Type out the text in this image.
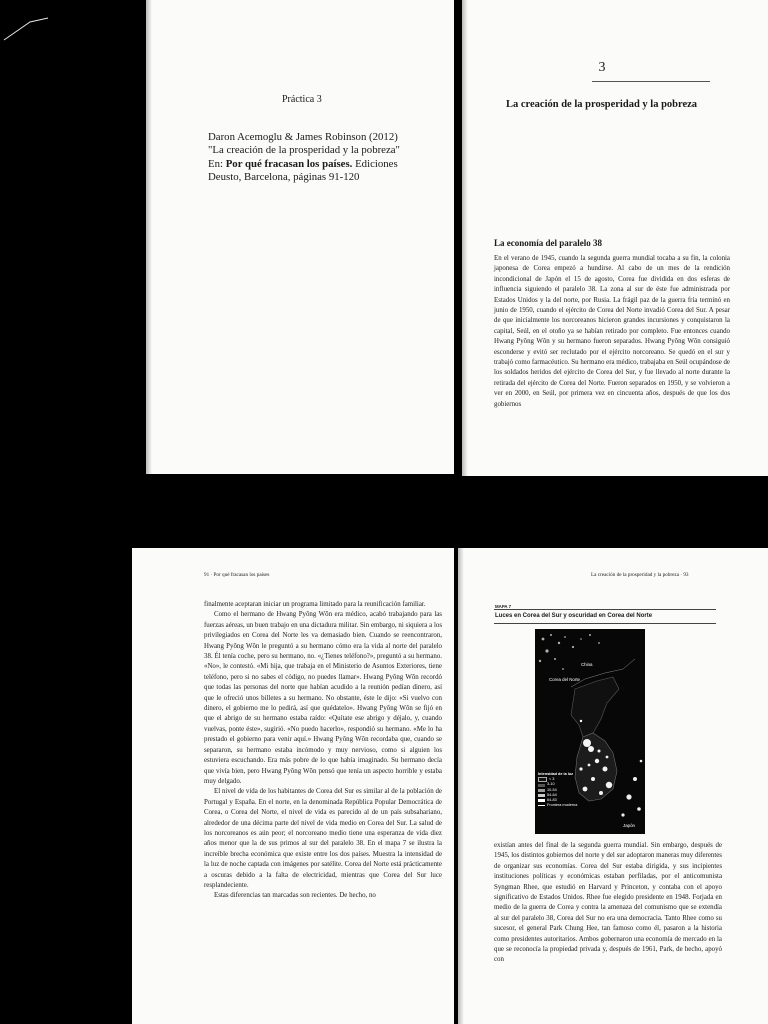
Práctica 3

Daron Acemoglu & James Robinson (2012)

"La creación de la prosperidad y la pobreza"

En: Por qué fracasan los países. Ediciones

Deusto, Barcelona, páginas 91-120

3
La creación de la prosperidad y la pobreza
La economía del paralelo 38

En el verano de 1945, cuando la segunda guerra mundial tocaba a su fin, la colonia japonesa de Corea empezó a hundirse. Al cabo de un mes de la rendición incondicional de Japón el 15 de agosto, Corea fue dividida en dos esferas de influencia siguiendo el paralelo 38. La zona al sur de éste fue administrada por Estados Unidos y la del norte, por Rusia. La frágil paz de la guerra fría terminó en junio de 1950, cuando el ejército de Corea del Norte invadió Corea del Sur. A pesar de que inicialmente los norcoreanos hicieron grandes incursiones y conquistaron la capital, Seúl, en el otoño ya se habían retirado por completo. Fue entonces cuando Hwang Pyŏng Wŏn y su hermano fueron separados. Hwang Pyŏng Wŏn consiguió esconderse y evitó ser reclutado por el ejército norcoreano. Se quedó en el sur y trabajó como farmacéutico. Su hermano era médico, trabajaba en Seúl ocupándose de los soldados heridos del ejército de Corea del Sur, y fue llevado al norte durante la retirada del ejército de Corea del Norte. Fueron separados en 1950, y se volvieron a ver en 2000, en Seúl, por primera vez en cincuenta años, después de que los dos gobiernos

91 · Por qué fracasan los países

finalmente aceptaran iniciar un programa limitado para la reunificación familiar.

Como el hermano de Hwang Pyŏng Wŏn era médico, acabó trabajando para las fuerzas aéreas, un buen trabajo en una dictadura militar. Sin embargo, ni siquiera a los privilegiados en Corea del Norte les va demasiado bien. Cuando se reencontraron, Hwang Pyŏng Wŏn le preguntó a su hermano cómo era la vida al norte del paralelo 38. Él tenía coche, pero su hermano, no. «¿Tienes teléfono?», preguntó a su hermano. «No», le contestó. «Mi hija, que trabaja en el Ministerio de Asuntos Exteriores, tiene teléfono, pero si no sabes el código, no puedes llamar». Hwang Pyŏng Wŏn recordó que todas las personas del norte que habían acudido a la reunión pedían dinero, así que le ofreció unos billetes a su hermano. No obstante, éste le dijo: «Si vuelvo con dinero, el gobierno me lo pedirá, así que quédatelo». Hwang Pyŏng Wŏn se fijó en que el abrigo de su hermano estaba raído: «Quítate ese abrigo y déjalo, y, cuando vuelvas, ponte éste», sugirió. «No puedo hacerlo», respondió su hermano. «Me lo ha prestado el gobierno para venir aquí.» Hwang Pyŏng Wŏn recordaba que, cuando se separaron, su hermano estaba incómodo y muy nervioso, como si alguien los estuviera escuchando. Era más pobre de lo que había imaginado. Su hermano decía que vivía bien, pero Hwang Pyŏng Wŏn pensó que tenía un aspecto horrible y estaba muy delgado.

El nivel de vida de los habitantes de Corea del Sur es similar al de la población de Portugal y España. En el norte, en la denominada República Popular Democrática de Corea, o Corea del Norte, el nivel de vida es parecido al de un país subsahariano, alrededor de una décima parte del nivel de vida medio en Corea del Sur. La salud de los norcoreanos es aún peor; el norcoreano medio tiene una esperanza de vida diez años menor que la de sus primos al sur del paralelo 38. En el mapa 7 se ilustra la increíble brecha económica que existe entre los dos países. Muestra la intensidad de la luz de noche captada con imágenes por satélite. Corea del Norte está prácticamente a oscuras debido a la falta de electricidad, mientras que Corea del Sur luce resplandeciente.

Estas diferencias tan marcadas son recientes. De hecho, no

La creación de la prosperidad y la pobreza · 93
MAPA 7
Luces en Corea del Sur y oscuridad en Corea del Norte
China
Corea del Norte
Japón
Intensidad de la luz
< 3
3-10
10-54
54-64
64-83
Frontera moderna

existían antes del final de la segunda guerra mundial. Sin embargo, después de 1945, los distintos gobiernos del norte y del sur adoptaron maneras muy diferentes de organizar sus economías. Corea del Sur estaba dirigida, y sus incipientes instituciones políticas y económicas estaban perfiladas, por el anticomunista Syngman Rhee, que estudió en Harvard y Princeton, y contaba con el apoyo significativo de Estados Unidos. Rhee fue elegido presidente en 1948. Forjada en medio de la guerra de Corea y contra la amenaza del comunismo que se extendía al sur del paralelo 38, Corea del Sur no era una democracia. Tanto Rhee como su sucesor, el general Park Chung Hee, tan famoso como él, pasaron a la historia como presidentes autoritarios. Ambos gobernaron una economía de mercado en la que se reconocía la propiedad privada y, después de 1961, Park, de hecho, apoyó con
